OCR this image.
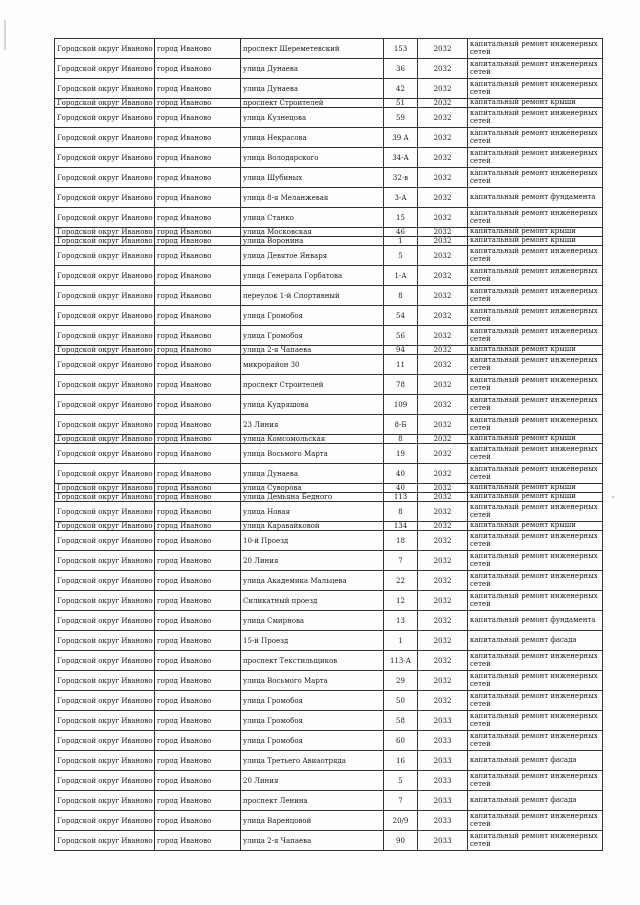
Городской округ Иваново	город Иваново	проспект Шереметевский	153	2032	капитальный ремонт инженерных сетей
Городской округ Иваново	город Иваново	улица Дунаева	36	2032	капитальный ремонт инженерных сетей
Городской округ Иваново	город Иваново	улица Дунаева	42	2032	капитальный ремонт инженерных сетей
Городской округ Иваново	город Иваново	проспект Строителей	51	2032	капитальный ремонт крыши
Городской округ Иваново	город Иваново	улица Кузнецова	59	2032	капитальный ремонт инженерных сетей
Городской округ Иваново	город Иваново	улица Некрасова	39 А	2032	капитальный ремонт инженерных сетей
Городской округ Иваново	город Иваново	улица Володарского	34-А	2032	капитальный ремонт инженерных сетей
Городской округ Иваново	город Иваново	улица Шубиных	32-в	2032	капитальный ремонт инженерных сетей
Городской округ Иваново	город Иваново	улица 8-я Меланжевая	3-А	2032	капитальный ремонт фундамента
Городской округ Иваново	город Иваново	улица Станко	15	2032	капитальный ремонт инженерных сетей
Городской округ Иваново	город Иваново	улица Московская	46	2032	капитальный ремонт крыши
Городской округ Иваново	город Иваново	улица Воронина	1	2032	капитальный ремонт крыши
Городской округ Иваново	город Иваново	улица Девятое Января	5	2032	капитальный ремонт инженерных сетей
Городской округ Иваново	город Иваново	улица Генерала Горбатова	1-А	2032	капитальный ремонт инженерных сетей
Городской округ Иваново	город Иваново	переулок 1-й Спортивный	8	2032	капитальный ремонт инженерных сетей
Городской округ Иваново	город Иваново	улица Громобоя	54	2032	капитальный ремонт инженерных сетей
Городской округ Иваново	город Иваново	улица Громобоя	56	2032	капитальный ремонт инженерных сетей
Городской округ Иваново	город Иваново	улица 2-я Чапаева	94	2032	капитальный ремонт крыши
Городской округ Иваново	город Иваново	микрорайон 30	11	2032	капитальный ремонт инженерных сетей
Городской округ Иваново	город Иваново	проспект Строителей	78	2032	капитальный ремонт инженерных сетей
Городской округ Иваново	город Иваново	улица Кудряшова	109	2032	капитальный ремонт инженерных сетей
Городской округ Иваново	город Иваново	23 Линия	8-Б	2032	капитальный ремонт инженерных сетей
Городской округ Иваново	город Иваново	улица Комсомольская	8	2032	капитальный ремонт крыши
Городской округ Иваново	город Иваново	улица Восьмого Марта	19	2032	капитальный ремонт инженерных сетей
Городской округ Иваново	город Иваново	улица Дунаева	40	2032	капитальный ремонт инженерных сетей
Городской округ Иваново	город Иваново	улица Суворова	40	2032	капитальный ремонт крыши
Городской округ Иваново	город Иваново	улица Демьяна Бедного	113	2032	капитальный ремонт крыши
Городской округ Иваново	город Иваново	улица Новая	8	2032	капитальный ремонт инженерных сетей
Городской округ Иваново	город Иваново	улица Каравайковой	134	2032	капитальный ремонт крыши
Городской округ Иваново	город Иваново	10-й Проезд	18	2032	капитальный ремонт инженерных сетей
Городской округ Иваново	город Иваново	20 Линия	7	2032	капитальный ремонт инженерных сетей
Городской округ Иваново	город Иваново	улица Академика Мальцева	22	2032	капитальный ремонт инженерных сетей
Городской округ Иваново	город Иваново	Силикатный проезд	12	2032	капитальный ремонт инженерных сетей
Городской округ Иваново	город Иваново	улица Смирнова	13	2032	капитальный ремонт фундамента
Городской округ Иваново	город Иваново	15-й Проезд	1	2032	капитальный ремонт фасада
Городской округ Иваново	город Иваново	проспект Текстильщиков	113-А	2032	капитальный ремонт инженерных сетей
Городской округ Иваново	город Иваново	улица Восьмого Марта	29	2032	капитальный ремонт инженерных сетей
Городской округ Иваново	город Иваново	улица Громобоя	50	2032	капитальный ремонт инженерных сетей
Городской округ Иваново	город Иваново	улица Громобоя	58	2033	капитальный ремонт инженерных сетей
Городской округ Иваново	город Иваново	улица Громобоя	60	2033	капитальный ремонт инженерных сетей
Городской округ Иваново	город Иваново	улица Третьего Авиаотряда	16	2033	капитальный ремонт фасада
Городской округ Иваново	город Иваново	20 Линия	5	2033	капитальный ремонт инженерных сетей
Городской округ Иваново	город Иваново	проспект Ленина	7	2033	капитальный ремонт фасада
Городской округ Иваново	город Иваново	улица Варенцовой	20/9	2033	капитальный ремонт инженерных сетей
Городской округ Иваново	город Иваново	улица 2-я Чапаева	90	2033	капитальный ремонт инженерных сетей
